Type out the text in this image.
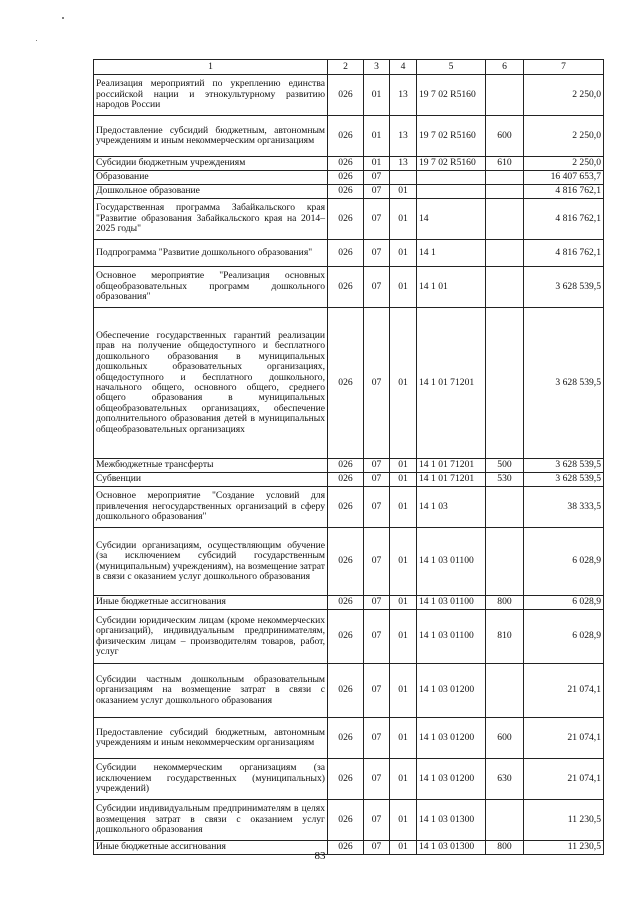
1	2	3	4	5	6	7
Реализация мероприятий по укреплению единства российской нации и этнокультурному развитию народов России	026	01	13	19 7 02 R5160		2 250,0
Предоставление субсидий бюджетным, автономным учреждениям и иным некоммерческим организациям	026	01	13	19 7 02 R5160	600	2 250,0
Субсидии бюджетным учреждениям	026	01	13	19 7 02 R5160	610	2 250,0
Образование	026	07				16 407 653,7
Дошкольное образование	026	07	01			4 816 762,1
Государственная программа Забайкальского края "Развитие образования Забайкальского края на 2014–2025 годы"	026	07	01	14		4 816 762,1
Подпрограмма "Развитие дошкольного образования"	026	07	01	14 1		4 816 762,1
Основное мероприятие "Реализация основных общеобразовательных программ дошкольного образования"	026	07	01	14 1 01		3 628 539,5
Обеспечение государственных гарантий реализации прав на получение общедоступного и бесплатного дошкольного образования в муниципальных дошкольных образовательных организациях, общедоступного и бесплатного дошкольного, начального общего, основного общего, среднего общего образования в муниципальных общеобразовательных организациях, обеспечение дополнительного образования детей в муниципальных общеобразовательных организациях	026	07	01	14 1 01 71201		3 628 539,5
Межбюджетные трансферты	026	07	01	14 1 01 71201	500	3 628 539,5
Субвенции	026	07	01	14 1 01 71201	530	3 628 539,5
Основное мероприятие "Создание условий для привлечения негосударственных организаций в сферу дошкольного образования"	026	07	01	14 1 03		38 333,5
Субсидии организациям, осуществляющим обучение (за исключением субсидий государственным (муниципальным) учреждениям), на возмещение затрат в связи с оказанием услуг дошкольного образования	026	07	01	14 1 03 01100		6 028,9
Иные бюджетные ассигнования	026	07	01	14 1 03 01100	800	6 028,9
Субсидии юридическим лицам (кроме некоммерческих организаций), индивидуальным предпринимателям, физическим лицам – производителям товаров, работ, услуг	026	07	01	14 1 03 01100	810	6 028,9
Субсидии частным дошкольным образовательным организациям на возмещение затрат в связи с оказанием услуг дошкольного образования	026	07	01	14 1 03 01200		21 074,1
Предоставление субсидий бюджетным, автономным учреждениям и иным некоммерческим организациям	026	07	01	14 1 03 01200	600	21 074,1
Субсидии некоммерческим организациям (за исключением государственных (муниципальных) учреждений)	026	07	01	14 1 03 01200	630	21 074,1
Субсидии индивидуальным предпринимателям в целях возмещения затрат в связи с оказанием услуг дошкольного образования	026	07	01	14 1 03 01300		11 230,5
Иные бюджетные ассигнования	026	07	01	14 1 03 01300	800	11 230,5
83
